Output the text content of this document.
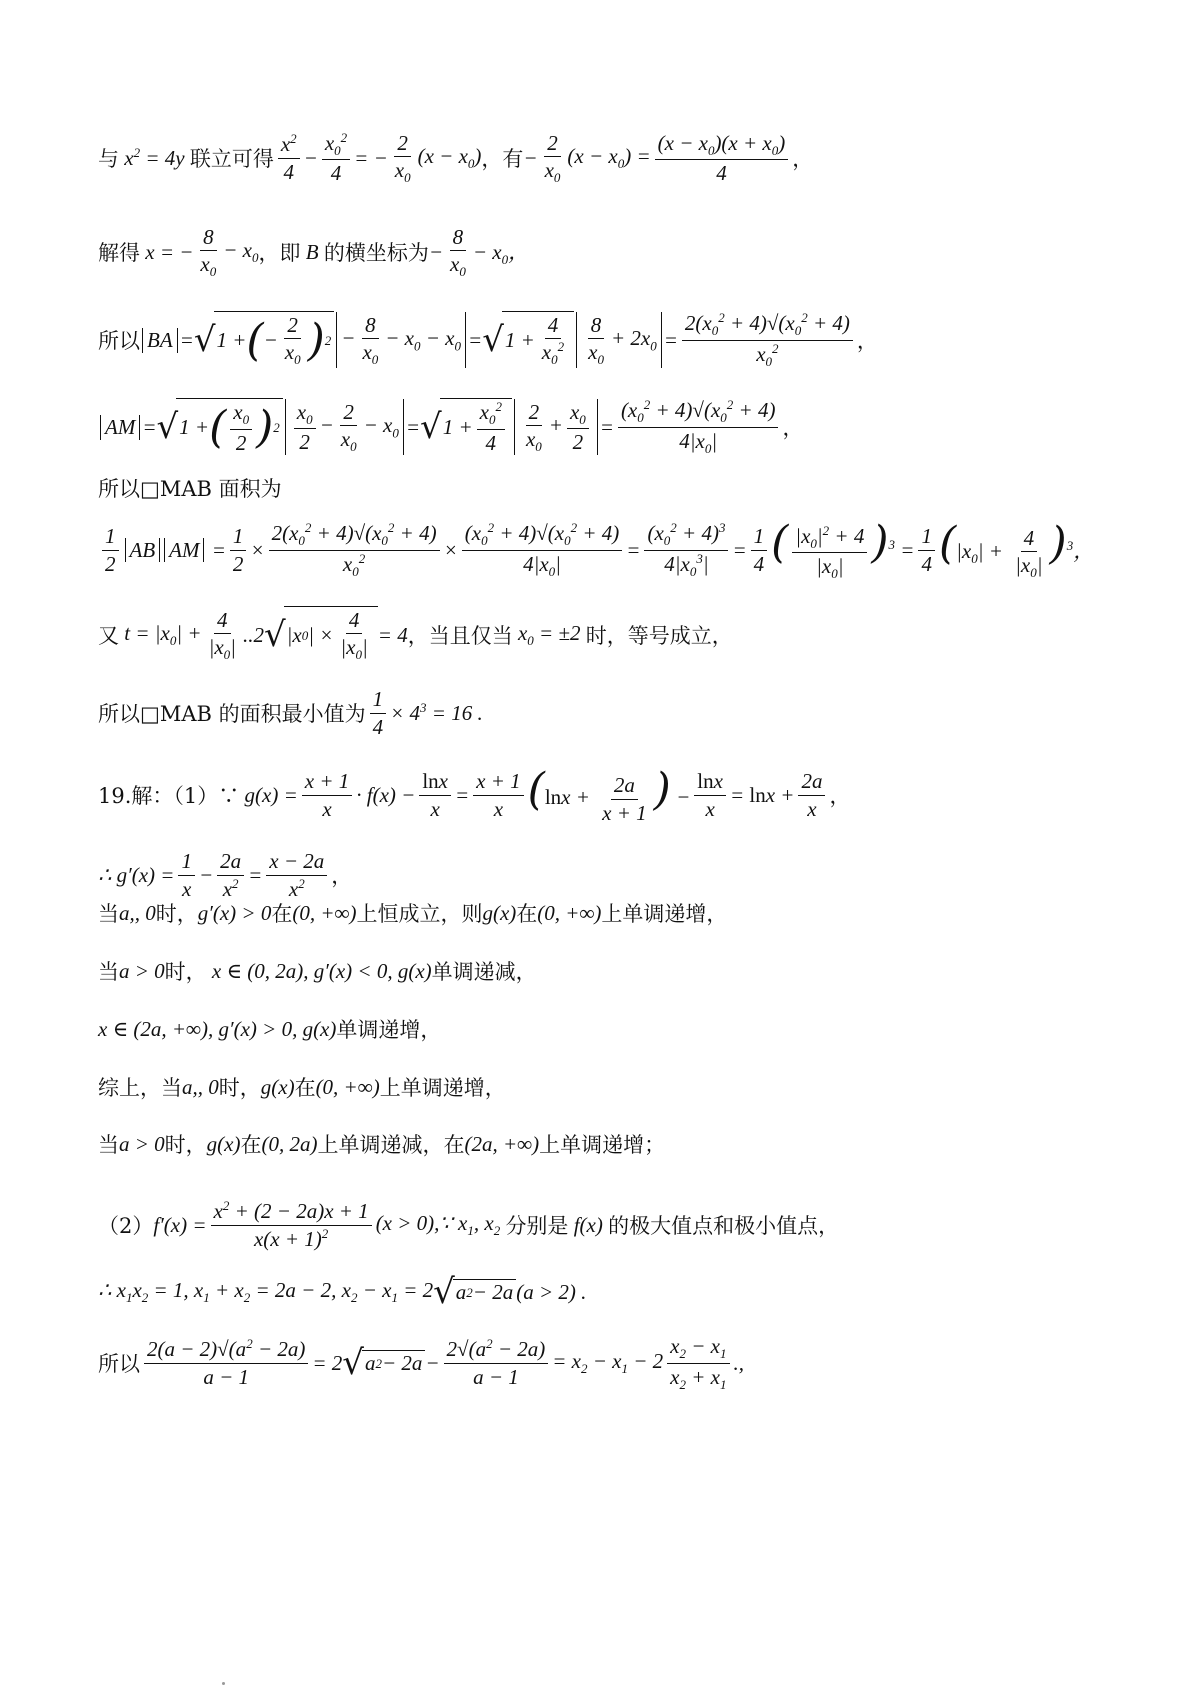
与 $x^2 = 4y$ 联立可得 $\frac{x^2}{4} - \frac{x_0^2}{4}$ = − $\frac{2}{x_0} (x - x_0)$ ，有 − $\frac{2}{x_0} (x - x_0) = \frac{(x - x_0)(x + x_0)}{4}$ ，
解得 x = − $\frac{8}{x_0} - x_0$ ，即 B 的横坐标为 − $\frac{8}{x_0} - x_0$，
所以 BA = √ 1 + ( − $\frac{2}{x_0}$ ) $2 - \frac{8}{x_0} - x_0 - x_0$ = √ $1 + \frac{4}{x_0^2} \frac{8}{x_0} + 2x_0 = \frac{2(x_0^2 + 4)√(x_0^2 + 4)}{x_0^2}$ ，
AM = √ 1 + ( $\frac{x_0}{2}$ ) $2 \frac{x_0}{2} - \frac{2}{x_0} - x_0$ = √ $1 + \frac{x_0^2}{4} \frac{2}{x_0} + \frac{x_0}{2} = \frac{(x_0^2 + 4)√(x_0^2 + 4)}{4|x_0|}$ ，
所以□MAB 面积为
$\frac{1}{2}$ AB AM = $\frac{1}{2} \times \frac{2(x_0^2 + 4)√(x_0^2 + 4)}{x_0^2} \times \frac{(x_0^2 + 4)√(x_0^2 + 4)}{4|x_0|} = \frac{(x_0^2 + 4)^3}{4|x_0^3|} = \frac{1}{4}$ ( $\frac{|x_0|^2 + 4}{|x_0|} )^3 = \frac{1}{4} (|x_0| + \frac{4}{|x_0|} )^3$，
又 $t = |x_0| + \frac{4}{|x_0|} ..2$ √ |x 0 | × $\frac{4}{|x_0|} = 4$ ，当且仅当 $x_0 = \pm 2$ 时，等号成立，
所以□MAB 的面积最小值为 $\frac{1}{4} \times 4^3 = 16$ .
19.解：（1）∵ $g(x) = \frac{x + 1}{x} \cdot f(x) - \frac{\ln x}{x} = \frac{x + 1}{x} (\ln x + \frac{2a}{x + 1}$ ) − $\frac{\ln x}{x} = \ln x + \frac{2a}{x}$ ，
∴ $g'(x) = \frac{1}{x} - \frac{2a}{x^2} = \frac{x - 2a}{x^2}$ ，
当 a,, 0 时， g′(x) > 0 在 (0, +∞) 上恒成立，则 g(x) 在 (0, +∞) 上单调递增，
当 a > 0 时， x ∈ (0, 2a), g′(x) < 0, g(x) 单调递减，
x ∈ (2a, +∞), g′(x) > 0, g(x) 单调递增，
综上，当 a,, 0 时， g(x) 在 (0, +∞) 上单调递增，
当 a > 0 时， g(x) 在 (0, 2a) 上单调递减，在 (2a, +∞) 上单调递增；
（2） $f'(x) = \frac{x^2 + (2 - 2a)x + 1}{x(x + 1)^2} (x$ > 0),∵ $x_1$, $x_2$ 分别是 f(x) 的极大值点和极小值点，
∴ $x_1x_2 = 1$, $x_1 + x_2 = 2a - 2$, $x_2 - x_1 = 2$ √ a 2 − 2a (a > 2) .
所以 $\frac{2(a - 2)√(a^2 - 2a)}{a - 1} = 2$ √ a $2 - 2a - \frac{2√(a^2 - 2a)}{a - 1} = x_2 - x_1 - 2 \frac{x_2 - x_1}{x_2 + x_1}$ .,
